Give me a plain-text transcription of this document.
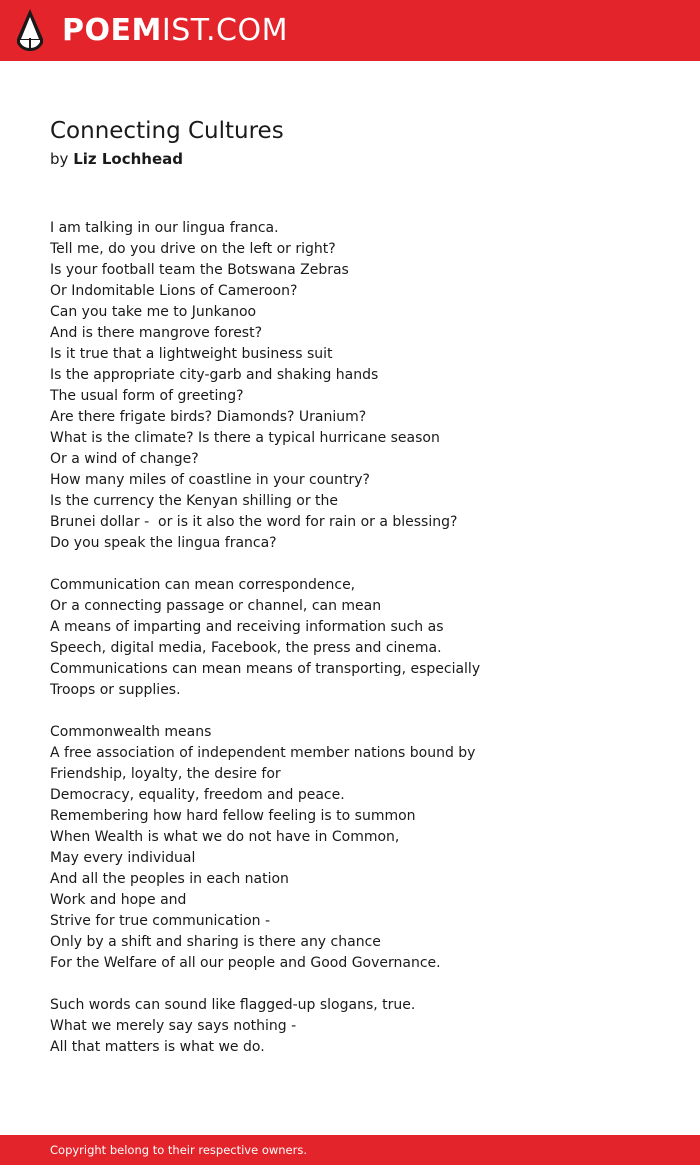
POEM IST.COM
Connecting Cultures
by Liz Lochhead
I am talking in our lingua franca.
Tell me, do you drive on the left or right?
Is your football team the Botswana Zebras
Or Indomitable Lions of Cameroon?
Can you take me to Junkanoo
And is there mangrove forest?
Is it true that a lightweight business suit
Is the appropriate city-garb and shaking hands
The usual form of greeting?
Are there frigate birds? Diamonds? Uranium?
What is the climate? Is there a typical hurricane season
Or a wind of change?
How many miles of coastline in your country?
Is the currency the Kenyan shilling or the
Brunei dollar -  or is it also the word for rain or a blessing?
Do you speak the lingua franca?
Communication can mean correspondence,
Or a connecting passage or channel, can mean
A means of imparting and receiving information such as
Speech, digital media, Facebook, the press and cinema.
Communications can mean means of transporting, especially
Troops or supplies.
Commonwealth means
A free association of independent member nations bound by
Friendship, loyalty, the desire for
Democracy, equality, freedom and peace.
Remembering how hard fellow feeling is to summon
When Wealth is what we do not have in Common,
May every individual
And all the peoples in each nation
Work and hope and
Strive for true communication -
Only by a shift and sharing is there any chance
For the Welfare of all our people and Good Governance.
Such words can sound like flagged-up slogans, true.
What we merely say says nothing -
All that matters is what we do.
Copyright belong to their respective owners.
